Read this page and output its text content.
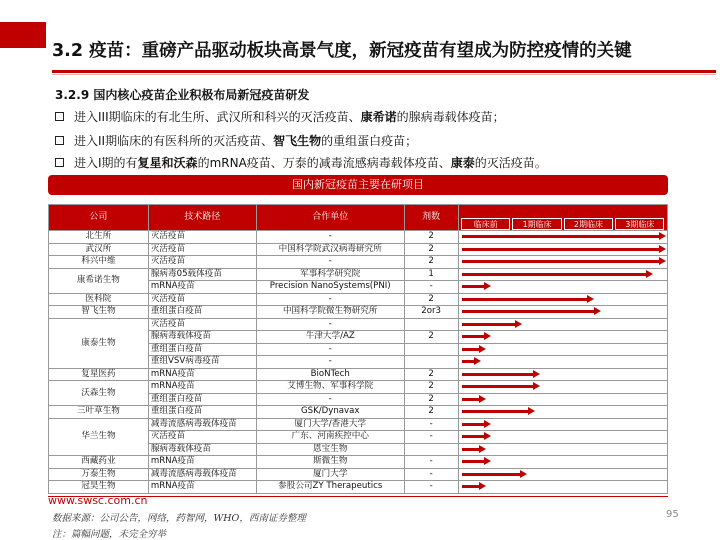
3.2 疫苗：重磅产品驱动板块高景气度，新冠疫苗有望成为防控疫情的关键
3.2.9 国内核心疫苗企业积极布局新冠疫苗研发
进入III期临床的有北生所、武汉所和科兴的灭活疫苗、康希诺的腺病毒载体疫苗；
进入II期临床的有医科所的灭活疫苗、智飞生物的重组蛋白疫苗；
进入I期的有复星和沃森的mRNA疫苗、万泰的减毒流感病毒载体疫苗、康泰的灭活疫苗。
国内新冠疫苗主要在研项目
公司	技术路径	合作单位	剂数	
北生所	灭活疫苗	-	2	
武汉所	灭活疫苗	中国科学院武汉病毒研究所	2	
科兴中维	灭活疫苗	-	2	
康希诺生物	腺病毒05载体疫苗	军事科学研究院	1	
	mRNA疫苗	Precision NanoSystems(PNI)	-	
医科院	灭活疫苗	-	2	
智飞生物	重组蛋白疫苗	中国科学院微生物研究所	2or3	
康泰生物	灭活疫苗	-		
	腺病毒载体疫苗	牛津大学/AZ	2	
	重组蛋白疫苗	-		
	重组VSV病毒疫苗	-		
复星医药	mRNA疫苗	BioNTech	2	
沃森生物	mRNA疫苗	艾博生物、军事科学院	2	
	重组蛋白疫苗	-	2	
三叶草生物	重组蛋白疫苗	GSK/Dynavax	2	
华兰生物	减毒流感病毒载体疫苗	厦门大学/香港大学	-	
	灭活疫苗	广东、河南疾控中心	-	
	腺病毒载体疫苗	恩宝生物		
西藏药业	mRNA疫苗	斯微生物	-	
万泰生物	减毒流感病毒载体疫苗	厦门大学	-	
冠昊生物	mRNA疫苗	参股公司ZY Therapeutics	-	
临床前	1期临床	2期临床	3期临床
www.swsc.com.cn
95
数据来源：公司公告，网络，药智网，WHO，西南证券整理
注：篇幅问题，未完全穷举
